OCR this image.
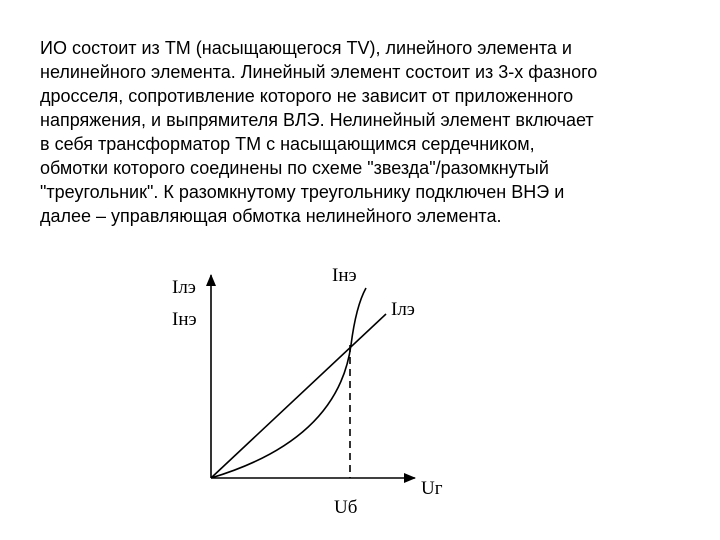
ИО состоит из ТМ (насыщающегося TV), линейного элемента и
нелинейного элемента. Линейный элемент состоит из 3-х фазного
дросселя, сопротивление которого не зависит от приложенного
напряжения, и выпрямителя ВЛЭ. Нелинейный элемент включает
в себя трансформатор ТМ с насыщающимся сердечником,
обмотки которого соединены по схеме "звезда"/разомкнутый
"треугольник". К разомкнутому треугольнику подключен ВНЭ и
далее – управляющая обмотка нелинейного элемента.

Iлэ
Iнэ
Iнэ
Iлэ
Uг
Uб
